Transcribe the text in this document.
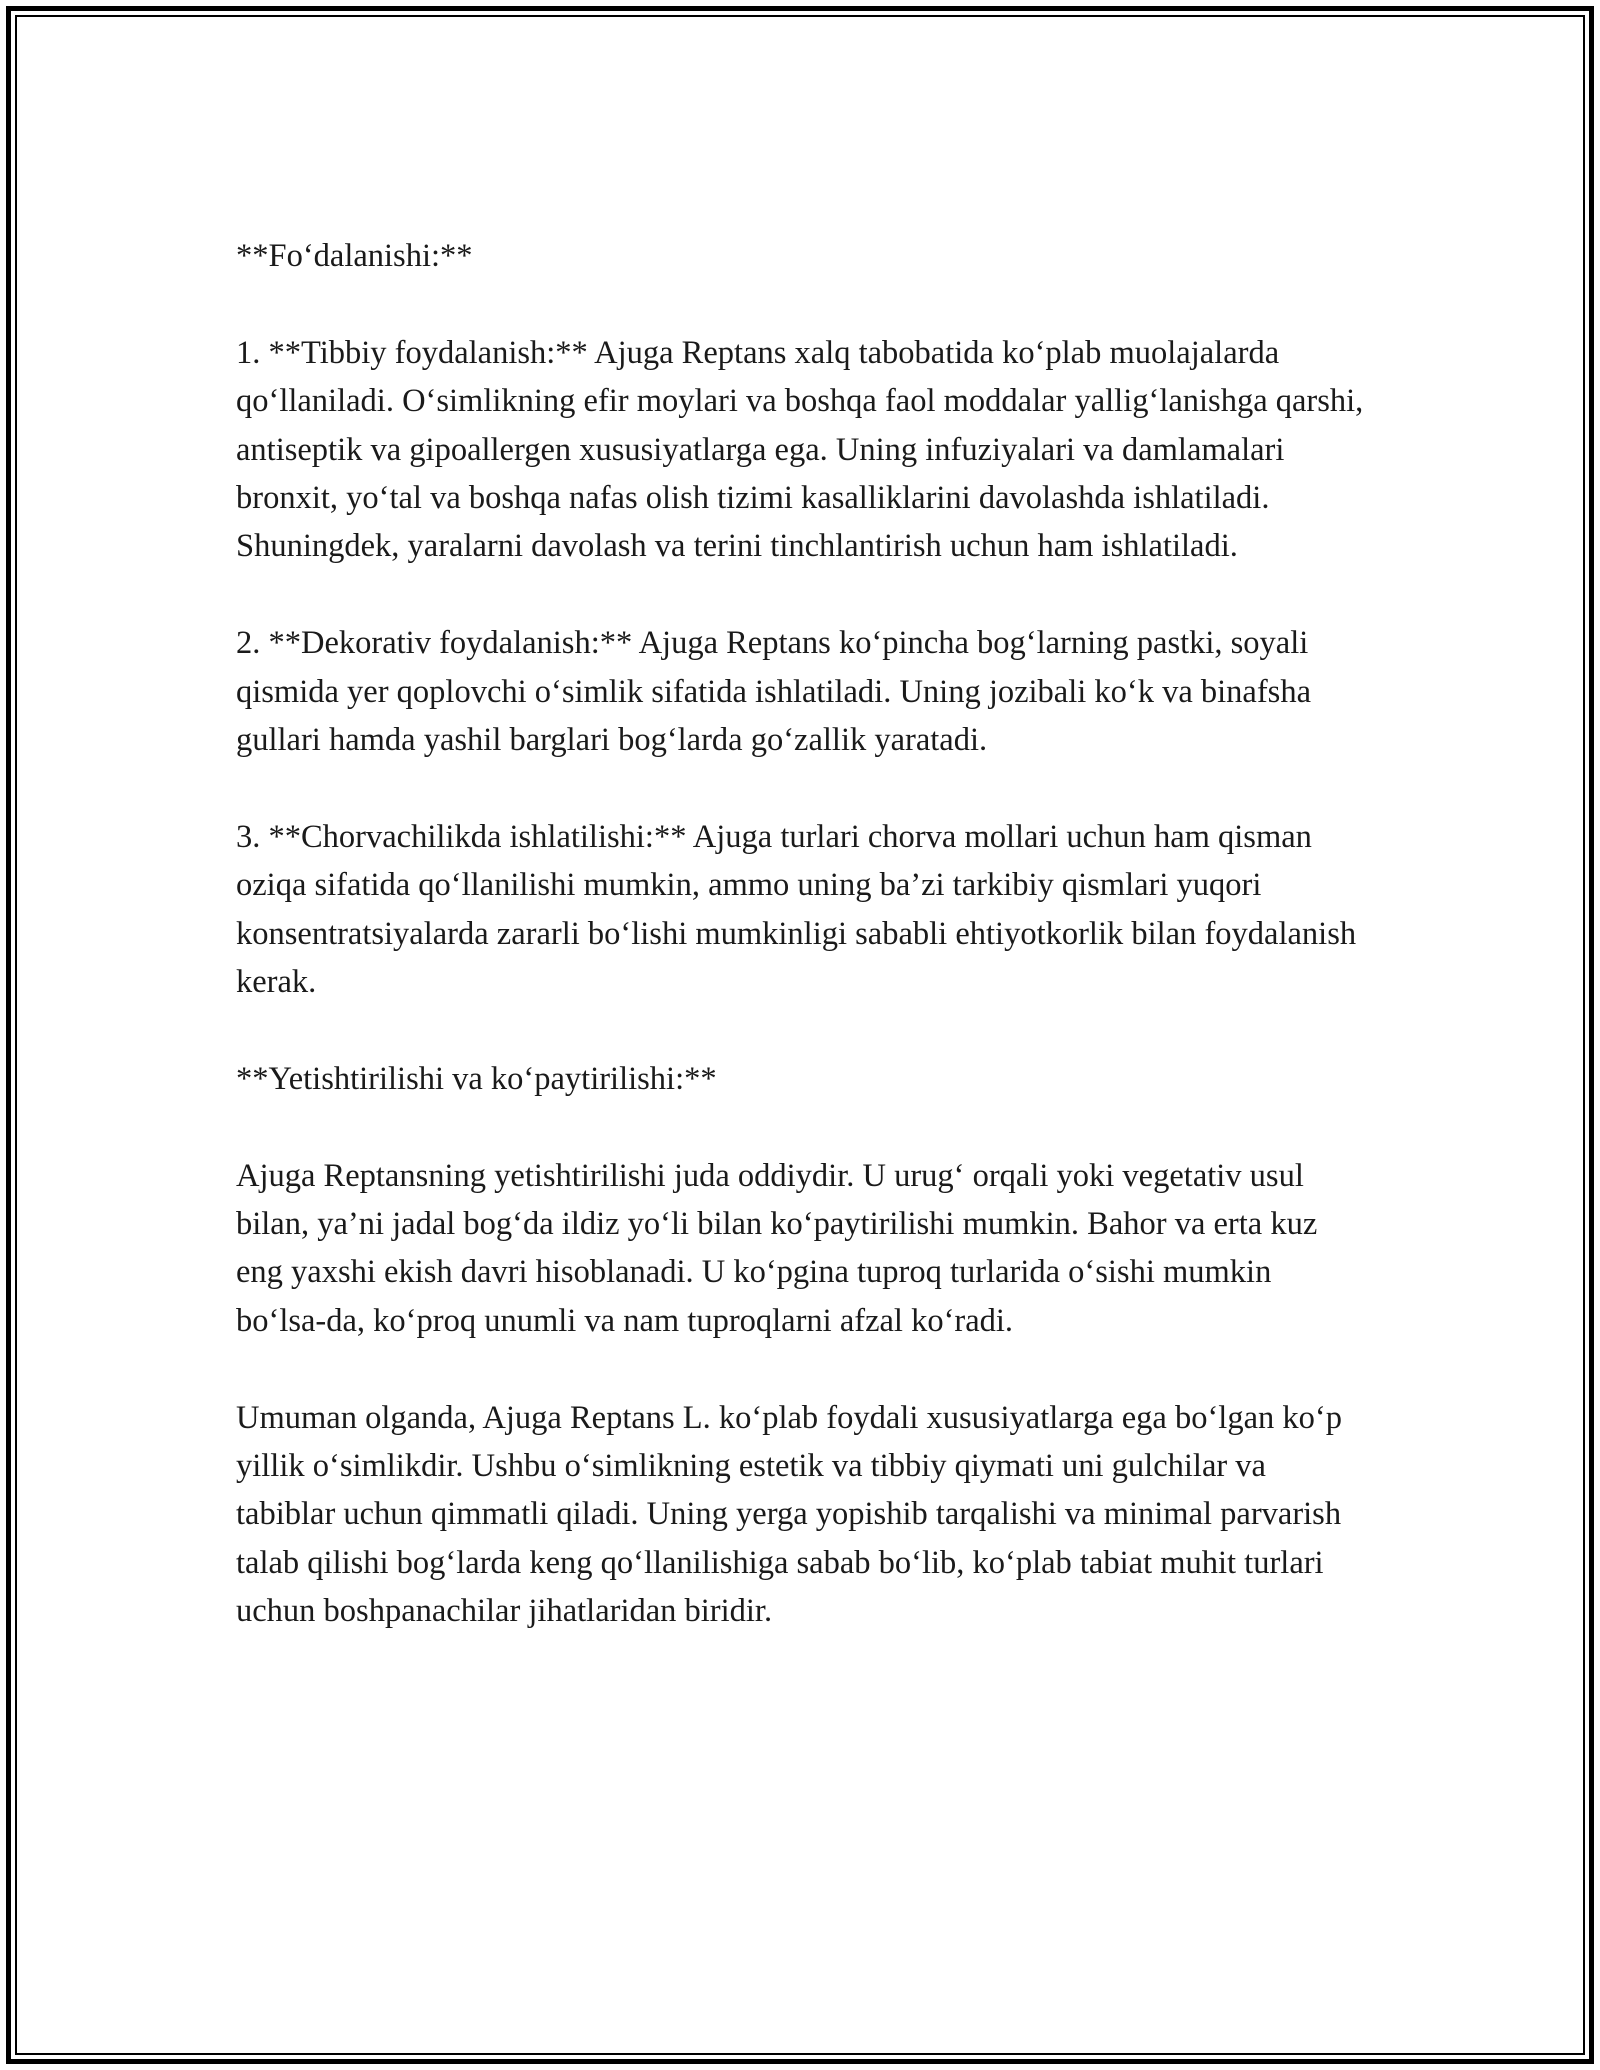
**Fo‘dalanishi:**

1. **Tibbiy foydalanish:** Ajuga Reptans xalq tabobatida ko‘plab muolajalarda qo‘llaniladi. O‘simlikning efir moylari va boshqa faol moddalar yallig‘lanishga qarshi, antiseptik va gipoallergen xususiyatlarga ega. Uning infuziyalari va damlamalari bronxit, yo‘tal va boshqa nafas olish tizimi kasalliklarini davolashda ishlatiladi. Shuningdek, yaralarni davolash va terini tinchlantirish uchun ham ishlatiladi.

2. **Dekorativ foydalanish:** Ajuga Reptans ko‘pincha bog‘larning pastki, soyali qismida yer qoplovchi o‘simlik sifatida ishlatiladi. Uning jozibali ko‘k va binafsha gullari hamda yashil barglari bog‘larda go‘zallik yaratadi.

3. **Chorvachilikda ishlatilishi:** Ajuga turlari chorva mollari uchun ham qisman oziqa sifatida qo‘llanilishi mumkin, ammo uning ba’zi tarkibiy qismlari yuqori konsentratsiyalarda zararli bo‘lishi mumkinligi sababli ehtiyotkorlik bilan foydalanish kerak.

**Yetishtirilishi va ko‘paytirilishi:**

Ajuga Reptansning yetishtirilishi juda oddiydir. U urug‘ orqali yoki vegetativ usul bilan, ya’ni jadal bog‘da ildiz yo‘li bilan ko‘paytirilishi mumkin. Bahor va erta kuz eng yaxshi ekish davri hisoblanadi. U ko‘pgina tuproq turlarida o‘sishi mumkin bo‘lsa-da, ko‘proq unumli va nam tuproqlarni afzal ko‘radi.

Umuman olganda, Ajuga Reptans L. ko‘plab foydali xususiyatlarga ega bo‘lgan ko‘p yillik o‘simlikdir. Ushbu o‘simlikning estetik va tibbiy qiymati uni gulchilar va tabiblar uchun qimmatli qiladi. Uning yerga yopishib tarqalishi va minimal parvarish talab qilishi bog‘larda keng qo‘llanilishiga sabab bo‘lib, ko‘plab tabiat muhit turlari uchun boshpanachilar jihatlaridan biridir.
